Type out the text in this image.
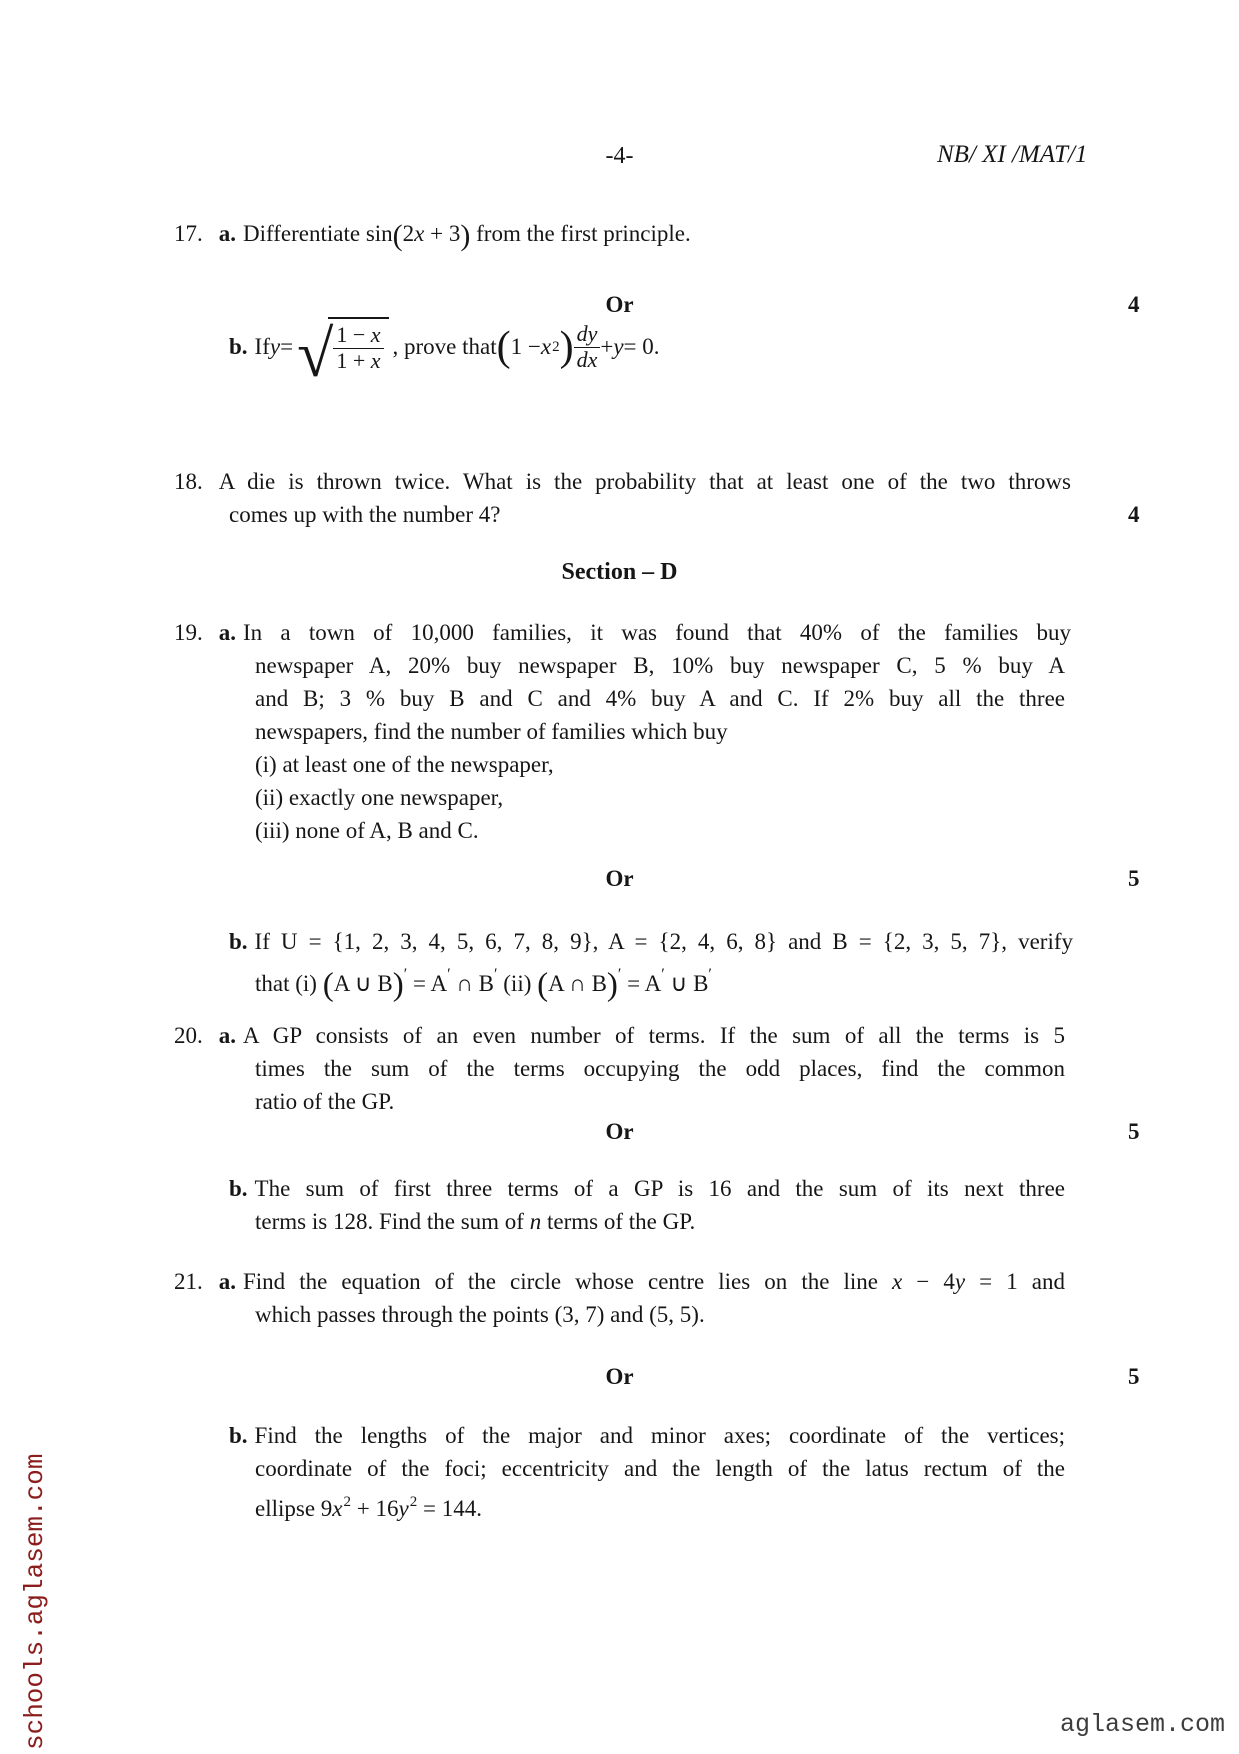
-4-	NB/ XI /MAT/1
17. a. Differentiate sin(2x + 3) from the first principle.
Or	4
b. If y = √ $\frac{1 - x}{1 + x}$ , prove that ( 1 − x 2 ) $\frac{dy}{dx} + y = 0$.
18. A die is thrown twice. What is the probability that at least one of the two throws
comes up with the number 4?	4
Section – D
19. a. In a town of 10,000 families, it was found that 40% of the families buy
newspaper A, 20% buy newspaper B, 10% buy newspaper C, 5 % buy A
and B; 3 % buy B and C and 4% buy A and C. If 2% buy all the three
newspapers, find the number of families which buy
(i) at least one of the newspaper,
(ii) exactly one newspaper,
(iii) none of A, B and C.
Or	5
b. If U = {1, 2, 3, 4, 5, 6, 7, 8, 9}, A = {2, 4, 6, 8} and B = {2, 3, 5, 7}, verify
that (i) (A ∪ B)′ = A′ ∩ B′ (ii) (A ∩ B)′ = A′ ∪ B′
20. a. A GP consists of an even number of terms. If the sum of all the terms is 5
times the sum of the terms occupying the odd places, find the common
ratio of the GP.
Or	5
b. The sum of first three terms of a GP is 16 and the sum of its next three
terms is 128. Find the sum of n terms of the GP.
21. a. Find the equation of the circle whose centre lies on the line x − 4y = 1 and
which passes through the points (3, 7) and (5, 5).
Or	5
b. Find the lengths of the major and minor axes; coordinate of the vertices;
coordinate of the foci; eccentricity and the length of the latus rectum of the
ellipse $9x^2 + 16y^2 = 144$.
schools.aglasem.com	aglasem.com
